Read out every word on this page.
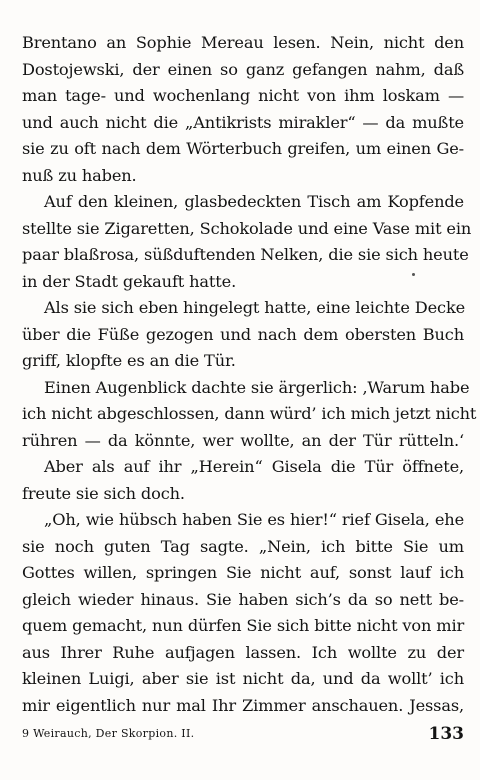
Brentano an Sophie Mereau lesen. Nein, nicht den
Dostojewski, der einen so ganz gefangen nahm, daß
man tage- und wochenlang nicht von ihm loskam —
und auch nicht die „Antikrists mirakler“ — da mußte
sie zu oft nach dem Wörterbuch greifen, um einen Ge-
nuß zu haben.
Auf den kleinen, glasbedeckten Tisch am Kopfende
stellte sie Zigaretten, Schokolade und eine Vase mit ein
paar blaßrosa, süßduftenden Nelken, die sie sich heute
in der Stadt gekauft hatte.
Als sie sich eben hingelegt hatte, eine leichte Decke
über die Füße gezogen und nach dem obersten Buch
griff, klopfte es an die Tür.
Einen Augenblick dachte sie ärgerlich: ‚Warum habe
ich nicht abgeschlossen, dann würd’ ich mich jetzt nicht
rühren — da könnte, wer wollte, an der Tür rütteln.‘
Aber als auf ihr „Herein“ Gisela die Tür öffnete,
freute sie sich doch.
„Oh, wie hübsch haben Sie es hier!“ rief Gisela, ehe
sie noch guten Tag sagte. „Nein, ich bitte Sie um
Gottes willen, springen Sie nicht auf, sonst lauf ich
gleich wieder hinaus. Sie haben sich’s da so nett be-
quem gemacht, nun dürfen Sie sich bitte nicht von mir
aus Ihrer Ruhe aufjagen lassen. Ich wollte zu der
kleinen Luigi, aber sie ist nicht da, und da wollt’ ich
mir eigentlich nur mal Ihr Zimmer anschauen. Jessas,
9 Weirauch, Der Skorpion. II.	133
